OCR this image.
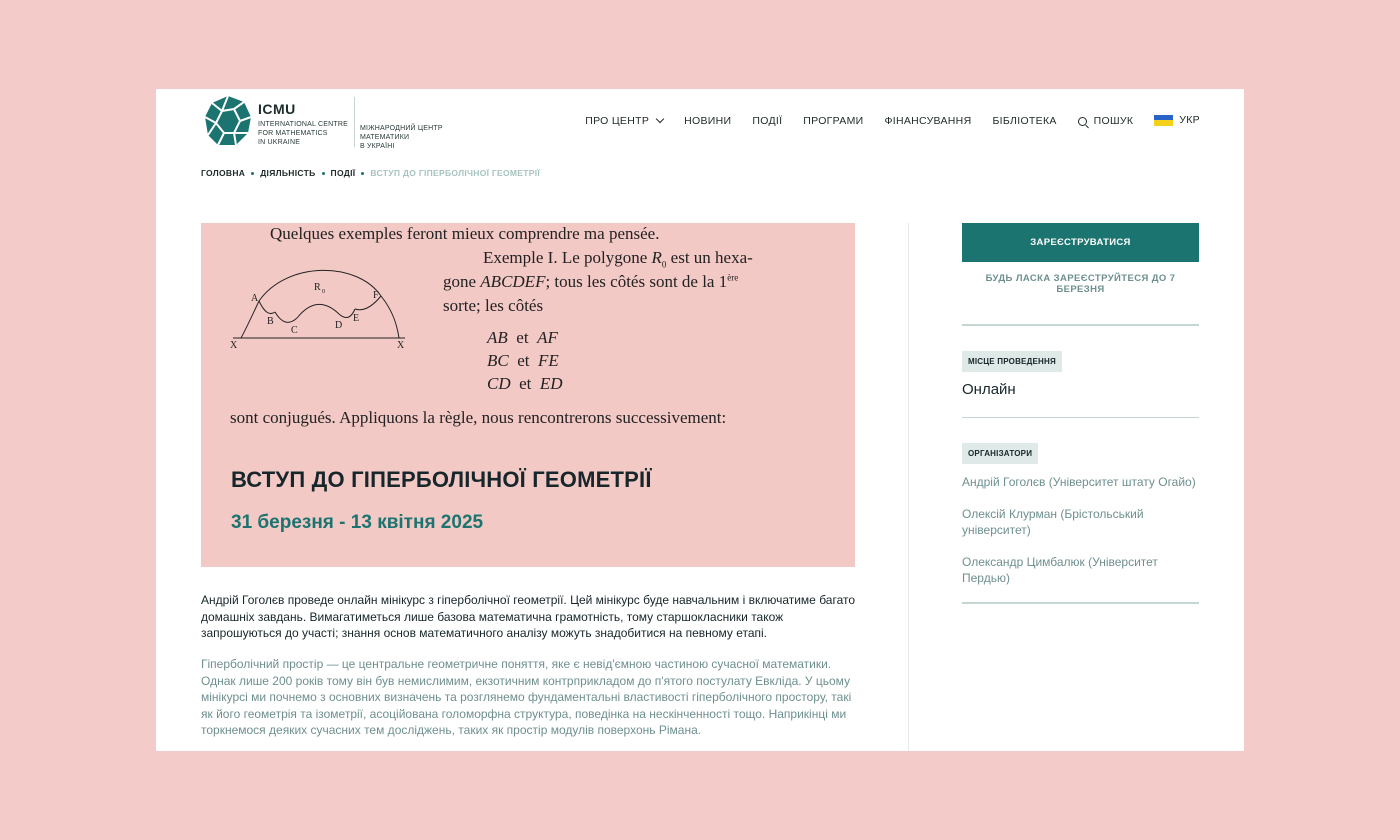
ICMU
INTERNATIONAL CENTRE
FOR MATHEMATICS
IN UKRAINE
МІЖНАРОДНИЙ ЦЕНТР
МАТЕМАТИКИ
В УКРАЇНІ
ПРО ЦЕНТР	НОВИНИ ПОДІЇ ПРОГРАМИ ФІНАНСУВАННЯ БІБЛІОТЕКА	ПОШУК	УКР
ГОЛОВНА ДІЯЛЬНІСТЬ ПОДІЇ ВСТУП ДО ГІПЕРБОЛІЧНОЇ ГЕОМЕТРІЇ
Quelques exemples feront mieux comprendre ma pensée.
Exemple I. Le polygone $R_0$ est un hexa-
gone ABCDEF; tous les côtés sont de la 1ère
sorte; les côtés
AB et AF
BC et FE
CD et ED
sont conjugués. Appliquons la règle, nous rencontrerons successivement:
A
B
C	D
E
F
R 0
X	X
ВСТУП ДО ГІПЕРБОЛІЧНОЇ ГЕОМЕТРІЇ
31 березня - 13 квітня 2025

Андрій Гоголєв проведе онлайн мінікурс з гіперболічної геометрії. Цей мінікурс буде навчальним і включатиме багато домашніх завдань. Вимагатиметься лише базова математична грамотність, тому старшокласники також запрошуються до участі; знання основ математичного аналізу можуть знадобитися на певному етапі.

Гіперболічний простір — це центральне геометричне поняття, яке є невід'ємною частиною сучасної математики. Однак лише 200 років тому він був немислимим, екзотичним контрприкладом до п'ятого постулату Евкліда. У цьому мінікурсі ми почнемо з основних визначень та розглянемо фундаментальні властивості гіперболічного простору, такі як його геометрія та ізометрії, асоційована голоморфна структура, поведінка на нескінченності тощо. Наприкінці ми торкнемося деяких сучасних тем досліджень, таких як простір модулів поверхонь Рімана.

ЗАРЕЄСТРУВАТИСЯ
БУДЬ ЛАСКА ЗАРЕЄСТРУЙТЕСЯ ДО 7 БЕРЕЗНЯ
МІСЦЕ ПРОВЕДЕННЯ
Онлайн
ОРГАНІЗАТОРИ
Андрій Гоголєв (Університет штату Огайо)
Олексій Клурман (Брістольський університет)
Олександр Цимбалюк (Університет Пердью)
